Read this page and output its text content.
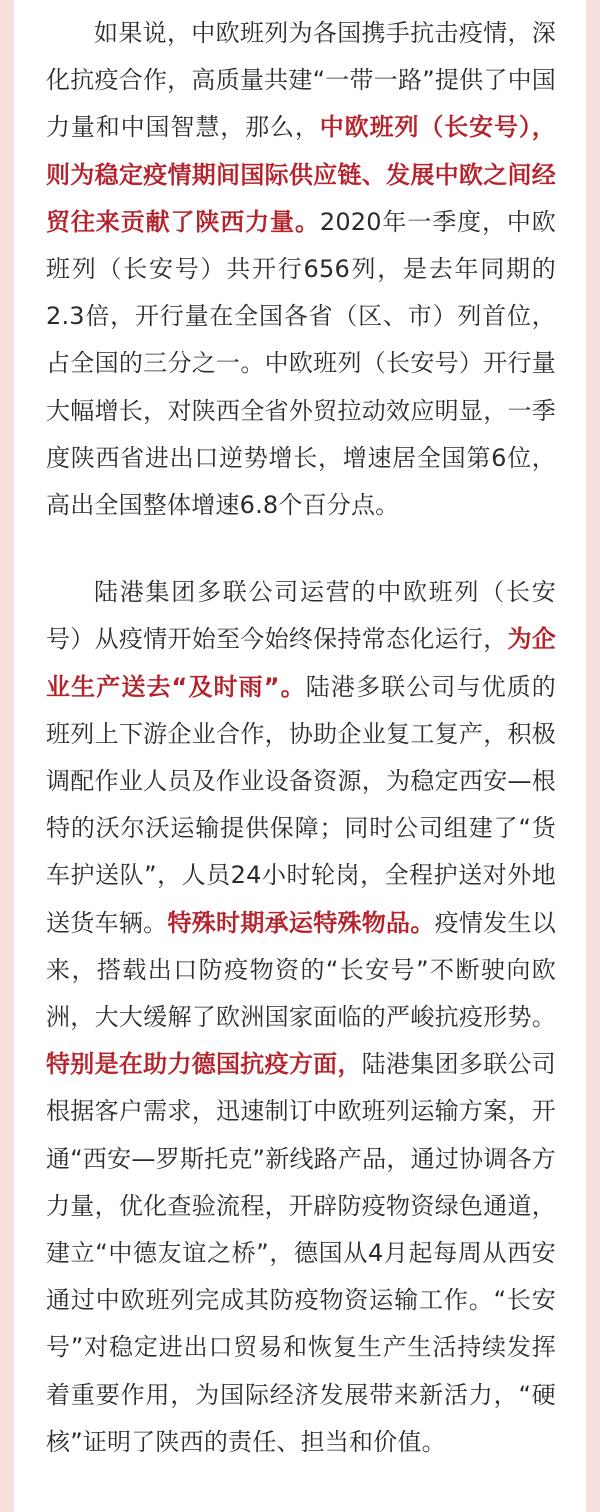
如果说，中欧班列为各国携手抗击疫情，深化抗疫合作，高质量共建“一带一路”提供了中国力量和中国智慧，那么，中欧班列（长安号），则为稳定疫情期间国际供应链、发展中欧之间经贸往来贡献了陕西力量。2020年一季度，中欧班列（长安号）共开行656列，是去年同期的2.3倍，开行量在全国各省（区、市）列首位，占全国的三分之一。中欧班列（长安号）开行量大幅增长，对陕西全省外贸拉动效应明显，一季度陕西省进出口逆势增长，增速居全国第6位，高出全国整体增速6.8个百分点。

陆港集团多联公司运营的中欧班列（长安号）从疫情开始至今始终保持常态化运行，为企业生产送去“及时雨”。陆港多联公司与优质的班列上下游企业合作，协助企业复工复产，积极调配作业人员及作业设备资源，为稳定西安—根特的沃尔沃运输提供保障；同时公司组建了“货车护送队”，人员24小时轮岗，全程护送对外地送货车辆。特殊时期承运特殊物品。疫情发生以来，搭载出口防疫物资的“长安号”不断驶向欧洲，大大缓解了欧洲国家面临的严峻抗疫形势。特别是在助力德国抗疫方面，陆港集团多联公司根据客户需求，迅速制订中欧班列运输方案，开通“西安—罗斯托克”新线路产品，通过协调各方力量，优化查验流程，开辟防疫物资绿色通道，建立“中德友谊之桥”，德国从4月起每周从西安通过中欧班列完成其防疫物资运输工作。“长安号”对稳定进出口贸易和恢复生产生活持续发挥着重要作用，为国际经济发展带来新活力，“硬核”证明了陕西的责任、担当和价值。
